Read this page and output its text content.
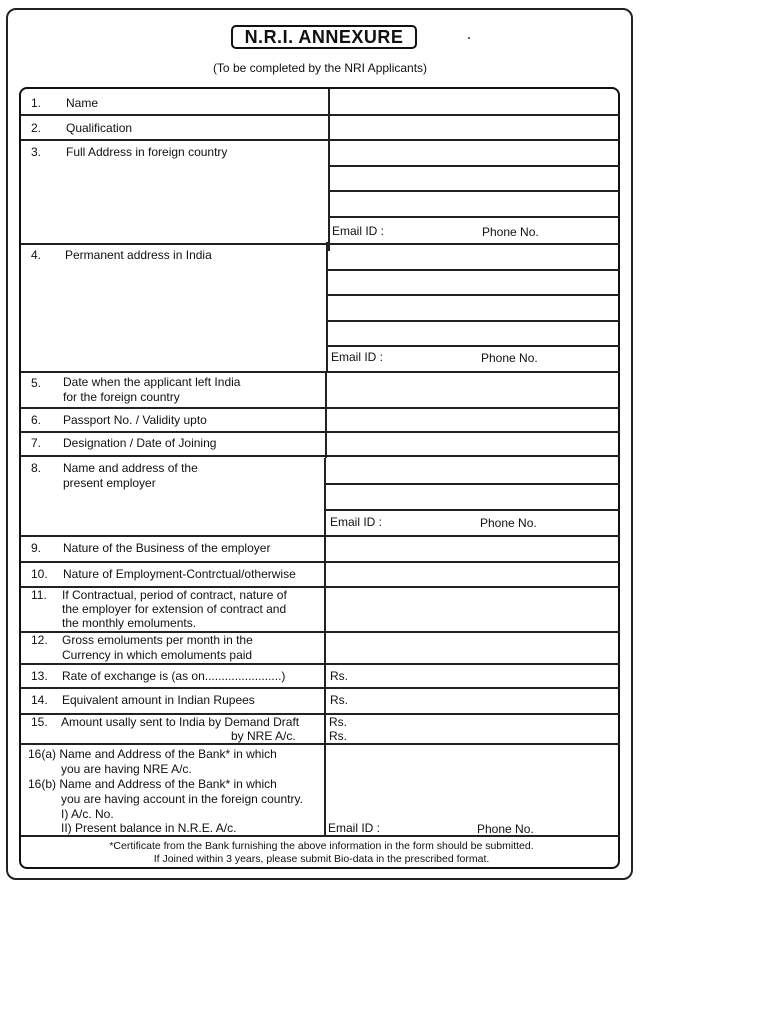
N.R.I. ANNEXURE
(To be completed by the NRI Applicants)
1. Name
2. Qualification
3. Full Address in foreign country
Email ID :	Phone No.
4. Permanent address in India
Email ID :	Phone No.
5. Date when the applicant left India
for the foreign country
6. Passport No. / Validity upto
7. Designation / Date of Joining
8. Name and address of the
present employer
Email ID :	Phone No.
9. Nature of the Business of the employer
10. Nature of Employment-Contrctual/otherwise
11. If Contractual, period of contract, nature of
the employer for extension of contract and
the monthly emoluments.
12. Gross emoluments per month in the
Currency in which emoluments paid
13. Rate of exchange is (as on.......................)	Rs.
14. Equivalent amount in Indian Rupees	Rs.
15. Amount usally sent to India by Demand Draft
by NRE A/c.
Rs.
Rs.
16(a) Name and Address of the Bank* in which
you are having NRE A/c.
16(b) Name and Address of the Bank* in which
you are having account in the foreign country.
I) A/c. No.
II) Present balance in N.R.E. A/c.	Email ID :	Phone No.
*Certificate from the Bank furnishing the above information in the form should be submitted.
If Joined within 3 years, please submit Bio-data in the prescribed format.
